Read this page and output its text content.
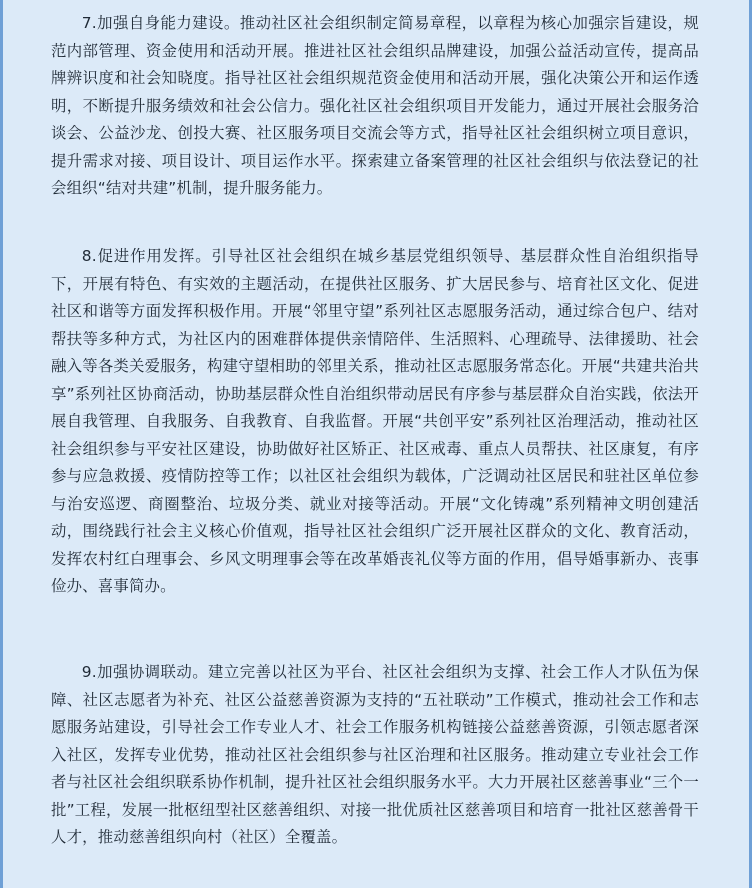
7.加强自身能力建设。推动社区社会组织制定简易章程，以章程为核心加强宗旨建设，规范内部管理、资金使用和活动开展。推进社区社会组织品牌建设，加强公益活动宣传，提高品牌辨识度和社会知晓度。指导社区社会组织规范资金使用和活动开展，强化决策公开和运作透明，不断提升服务绩效和社会公信力。强化社区社会组织项目开发能力，通过开展社会服务洽谈会、公益沙龙、创投大赛、社区服务项目交流会等方式，指导社区社会组织树立项目意识，提升需求对接、项目设计、项目运作水平。探索建立备案管理的社区社会组织与依法登记的社会组织“结对共建”机制，提升服务能力。

8.促进作用发挥。引导社区社会组织在城乡基层党组织领导、基层群众性自治组织指导下，开展有特色、有实效的主题活动，在提供社区服务、扩大居民参与、培育社区文化、促进社区和谐等方面发挥积极作用。开展“邻里守望”系列社区志愿服务活动，通过综合包户、结对帮扶等多种方式，为社区内的困难群体提供亲情陪伴、生活照料、心理疏导、法律援助、社会融入等各类关爱服务，构建守望相助的邻里关系，推动社区志愿服务常态化。开展“共建共治共享”系列社区协商活动，协助基层群众性自治组织带动居民有序参与基层群众自治实践，依法开展自我管理、自我服务、自我教育、自我监督。开展“共创平安”系列社区治理活动，推动社区社会组织参与平安社区建设，协助做好社区矫正、社区戒毒、重点人员帮扶、社区康复，有序参与应急救援、疫情防控等工作；以社区社会组织为载体，广泛调动社区居民和驻社区单位参与治安巡逻、商圈整治、垃圾分类、就业对接等活动。开展“文化铸魂”系列精神文明创建活动，围绕践行社会主义核心价值观，指导社区社会组织广泛开展社区群众的文化、教育活动，发挥农村红白理事会、乡风文明理事会等在改革婚丧礼仪等方面的作用，倡导婚事新办、丧事俭办、喜事简办。

9.加强协调联动。建立完善以社区为平台、社区社会组织为支撑、社会工作人才队伍为保障、社区志愿者为补充、社区公益慈善资源为支持的“五社联动”工作模式，推动社会工作和志愿服务站建设，引导社会工作专业人才、社会工作服务机构链接公益慈善资源，引领志愿者深入社区，发挥专业优势，推动社区社会组织参与社区治理和社区服务。推动建立专业社会工作者与社区社会组织联系协作机制，提升社区社会组织服务水平。大力开展社区慈善事业“三个一批”工程，发展一批枢纽型社区慈善组织、对接一批优质社区慈善项目和培育一批社区慈善骨干人才，推动慈善组织向村（社区）全覆盖。
